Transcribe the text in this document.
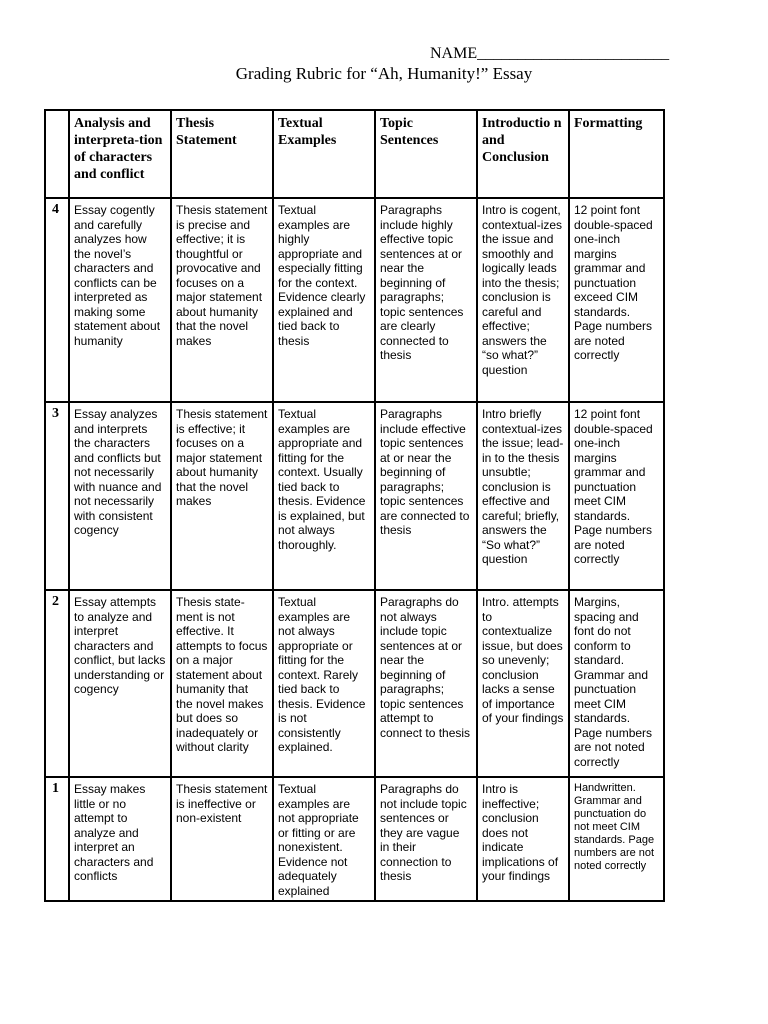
NAME________________________
Grading Rubric for “Ah, Humanity!” Essay
	Analysis and interpreta-tion of characters and conflict	Thesis Statement	Textual Examples	Topic Sentences	Introductio n and Conclusion	Formatting
4	Essay cogently and carefully analyzes how the novel’s characters and conflicts can be interpreted as making some statement about humanity	Thesis statement is precise and effective; it is thoughtful or provocative and focuses on a major statement about humanity that the novel makes	Textual examples are highly appropriate and especially fitting for the context. Evidence clearly explained and tied back to thesis	Paragraphs include highly effective topic sentences at or near the beginning of paragraphs; topic sentences are clearly connected to thesis	Intro is cogent, contextual-izes the issue and smoothly and logically leads into the thesis; conclusion is careful and effective; answers the “so what?” question	12 point font double-spaced one-inch margins grammar and punctuation exceed CIM standards. Page numbers are noted correctly
3	Essay analyzes and interprets the characters and conflicts but not necessarily with nuance and not necessarily with consistent cogency	Thesis statement is effective; it focuses on a major statement about humanity that the novel makes	Textual examples are appropriate and fitting for the context. Usually tied back to thesis. Evidence is explained, but not always thoroughly.	Paragraphs include effective topic sentences at or near the beginning of paragraphs; topic sentences are connected to thesis	Intro briefly contextual-izes the issue; lead-in to the thesis unsubtle; conclusion is effective and careful; briefly, answers the “So what?” question	12 point font double-spaced one-inch margins grammar and punctuation meet CIM standards. Page numbers are noted correctly
2	Essay attempts to analyze and interpret characters and conflict, but lacks understanding or cogency	Thesis state-ment is not effective. It attempts to focus on a major statement about humanity that the novel makes but does so inadequately or without clarity	Textual examples are not always appropriate or fitting for the context. Rarely tied back to thesis. Evidence is not consistently explained.	Paragraphs do not always include topic sentences at or near the beginning of paragraphs; topic sentences attempt to connect to thesis	Intro. attempts to contextualize issue, but does so unevenly; conclusion lacks a sense of importance of your findings	Margins, spacing and font do not conform to standard. Grammar and punctuation meet CIM standards. Page numbers are not noted correctly
1	Essay makes little or no attempt to analyze and interpret an characters and conflicts	Thesis statement is ineffective or non-existent	Textual examples are not appropriate or fitting or are nonexistent. Evidence not adequately explained	Paragraphs do not include topic sentences or they are vague in their connection to thesis	Intro is ineffective; conclusion does not indicate implications of your findings	Handwritten. Grammar and punctuation do not meet CIM standards. Page numbers are not noted correctly
